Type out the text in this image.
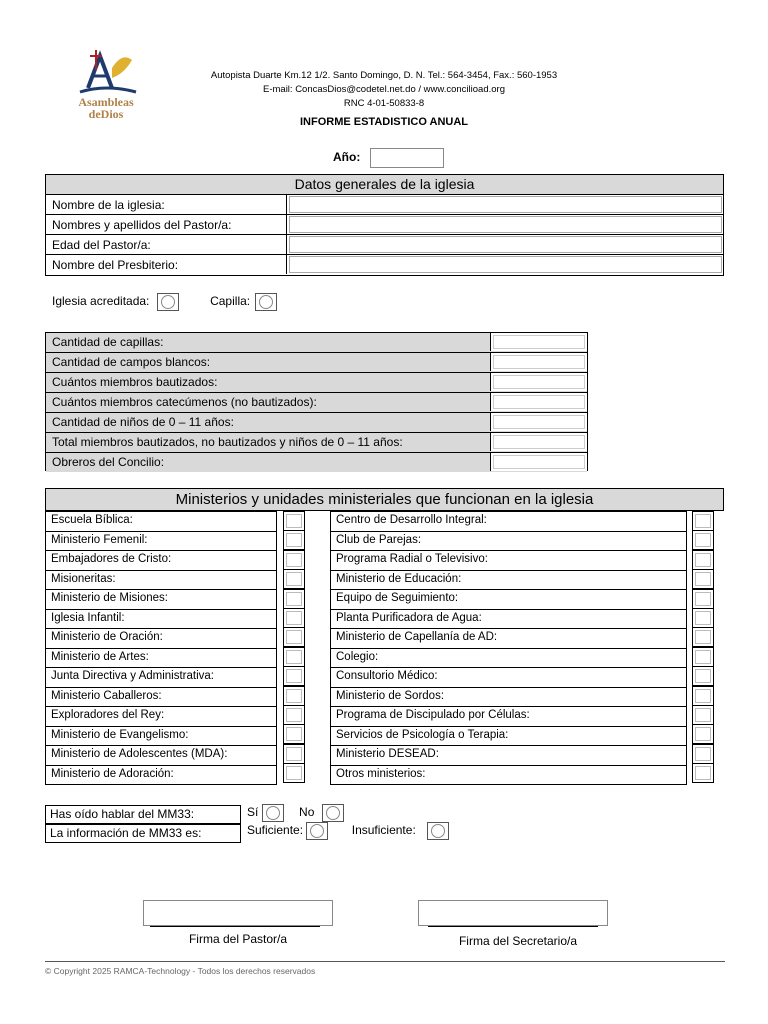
Asambleas
deDios
Autopista Duarte Km.12 1/2. Santo Domingo, D. N. Tel.: 564-3454, Fax.: 560-1953
E-mail: ConcasDios@codetel.net.do / www.concilioad.org
RNC 4-01-50833-8
INFORME ESTADISTICO ANUAL
Año:
Datos generales de la iglesia
Nombre de la iglesia:
Nombres y apellidos del Pastor/a:
Edad del Pastor/a:
Nombre del Presbiterio:
Iglesia acreditada:	Capilla:
Cantidad de capillas:
Cantidad de campos blancos:
Cuántos miembros bautizados:
Cuántos miembros catecúmenos (no bautizados):
Cantidad de niños de 0 – 11 años:
Total miembros bautizados, no bautizados y niños de 0 – 11 años:
Obreros del Concilio:
Ministerios y unidades ministeriales que funcionan en la iglesia
Escuela Bíblica:
Ministerio Femenil:
Embajadores de Cristo:
Misioneritas:
Ministerio de Misiones:
Iglesia Infantil:
Ministerio de Oración:
Ministerio de Artes:
Junta Directiva y Administrativa:
Ministerio Caballeros:
Exploradores del Rey:
Ministerio de Evangelismo:
Ministerio de Adolescentes (MDA):
Ministerio de Adoración:
Centro de Desarrollo Integral:
Club de Parejas:
Programa Radial o Televisivo:
Ministerio de Educación:
Equipo de Seguimiento:
Planta Purificadora de Agua:
Ministerio de Capellanía de AD:
Colegio:
Consultorio Médico:
Ministerio de Sordos:
Programa de Discipulado por Células:
Servicios de Psicología o Terapia:
Ministerio DESEAD:
Otros ministerios:
Has oído hablar del MM33:	Sí	No
La información de MM33 es:	Suficiente:	Insuficiente:
Firma del Pastor/a	Firma del Secretario/a
© Copyright 2025 RAMCA-Technology - Todos los derechos reservados
